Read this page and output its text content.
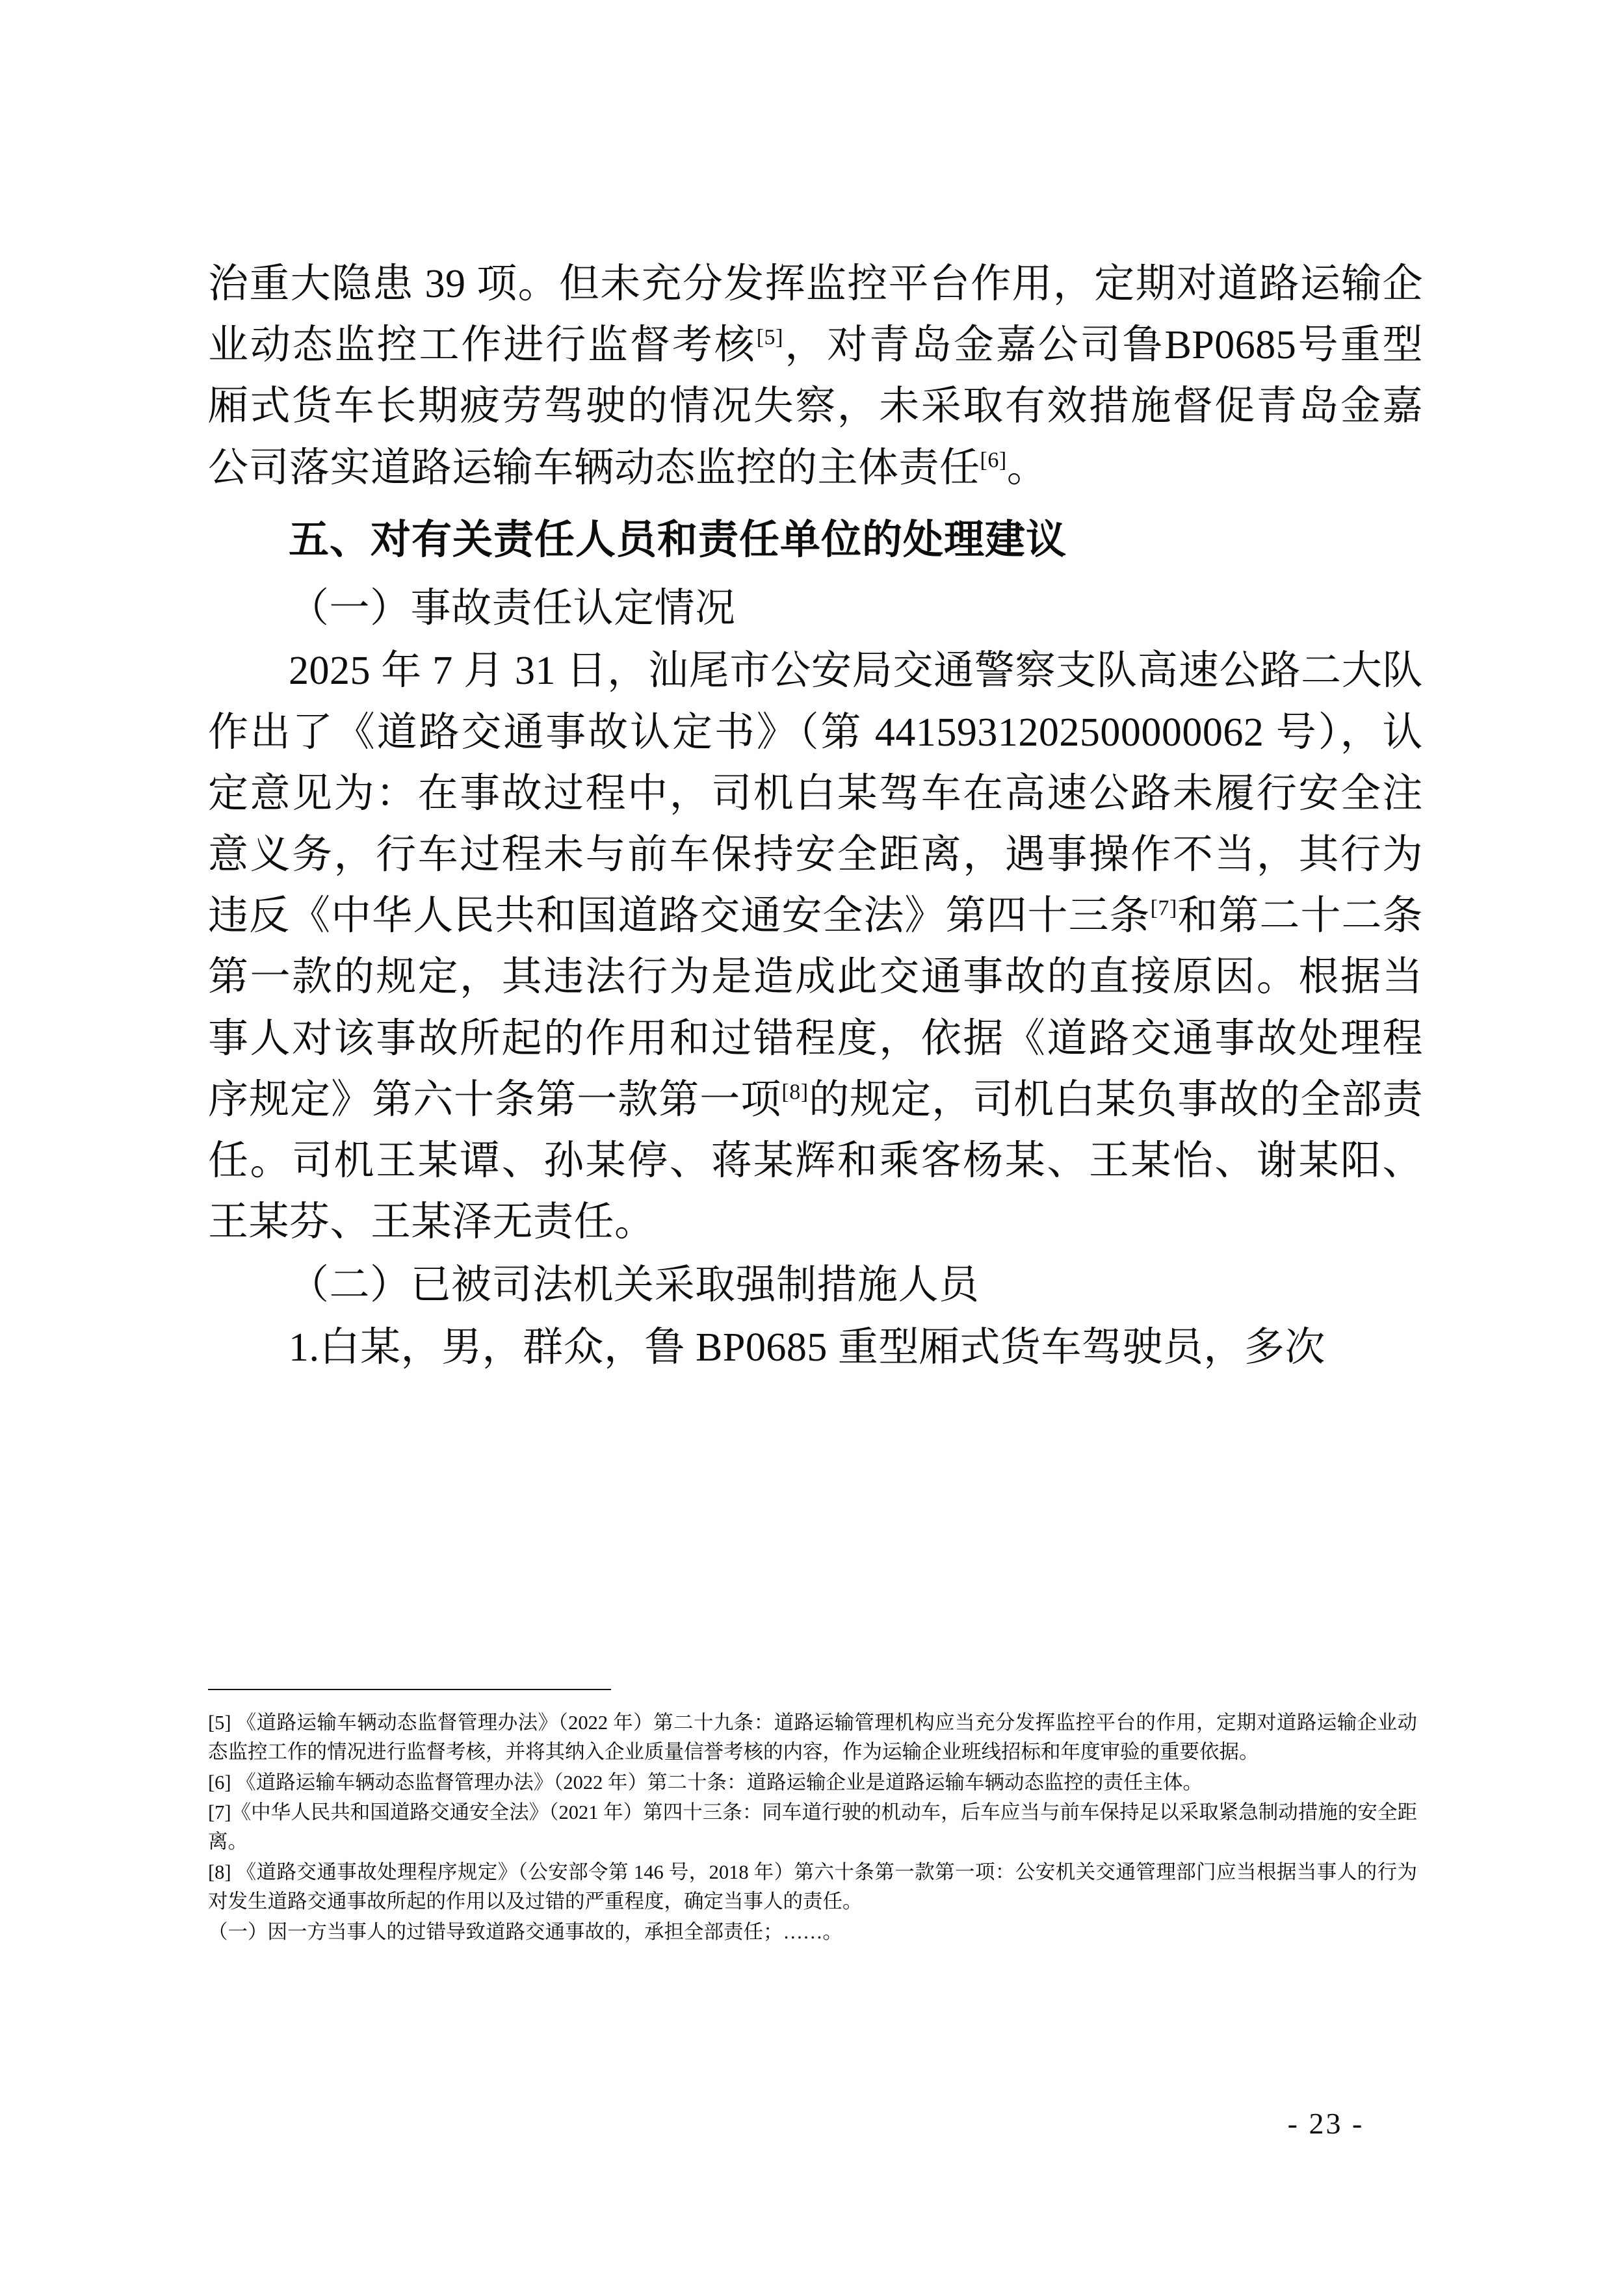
治重大隐患 39 项。但未充分发挥监控平台作用，定期对道路运输企业动态监控工作进行监督考核[5]，对青岛金嘉公司鲁BP0685号重型厢式货车长期疲劳驾驶的情况失察，未采取有效措施督促青岛金嘉公司落实道路运输车辆动态监控的主体责任[6]。

五、对有关责任人员和责任单位的处理建议

（一）事故责任认定情况

2025 年 7 月 31 日，汕尾市公安局交通警察支队高速公路二大队作出了《道路交通事故认定书》（第 4415931202500000062 号），认定意见为：在事故过程中，司机白某驾车在高速公路未履行安全注意义务，行车过程未与前车保持安全距离，遇事操作不当，其行为违反《中华人民共和国道路交通安全法》第四十三条[7]和第二十二条第一款的规定，其违法行为是造成此交通事故的直接原因。根据当事人对该事故所起的作用和过错程度，依据《道路交通事故处理程序规定》第六十条第一款第一项[8]的规定，司机白某负事故的全部责任。司机王某谭、孙某停、蒋某辉和乘客杨某、王某怡、谢某阳、王某芬、王某泽无责任。

（二）已被司法机关采取强制措施人员

1.白某，男，群众，鲁 BP0685 重型厢式货车驾驶员，多次

[5] 《道路运输车辆动态监督管理办法》（2022 年）第二十九条：道路运输管理机构应当充分发挥监控平台的作用，定期对道路运输企业动态监控工作的情况进行监督考核，并将其纳入企业质量信誉考核的内容，作为运输企业班线招标和年度审验的重要依据。

[6] 《道路运输车辆动态监督管理办法》（2022 年）第二十条：道路运输企业是道路运输车辆动态监控的责任主体。

[7]《中华人民共和国道路交通安全法》（2021 年）第四十三条：同车道行驶的机动车，后车应当与前车保持足以采取紧急制动措施的安全距离。

[8] 《道路交通事故处理程序规定》（公安部令第 146 号，2018 年）第六十条第一款第一项：公安机关交通管理部门应当根据当事人的行为对发生道路交通事故所起的作用以及过错的严重程度，确定当事人的责任。

（一）因一方当事人的过错导致道路交通事故的，承担全部责任；……。

- 23 -
